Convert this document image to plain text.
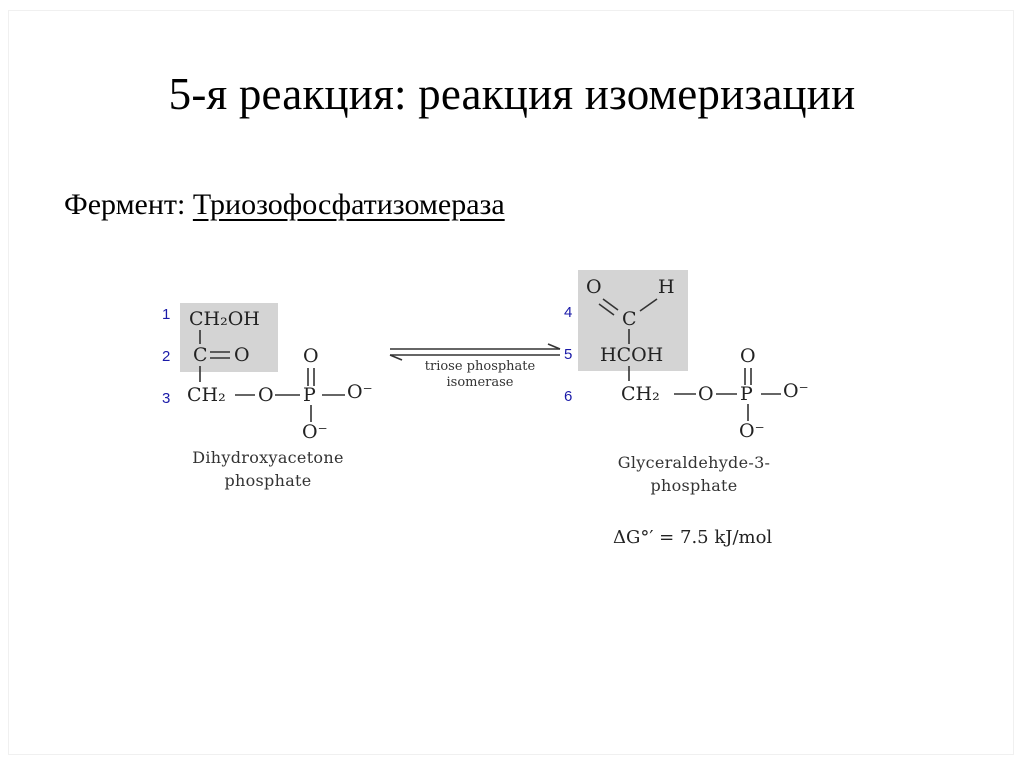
5-я реакция: реакция изомеризации
Фермент: Триозофосфатизомераза
CH₂OH
C O
CH₂ O P O⁻
O
O⁻
1
2
3
Dihydroxyacetone
phosphate
triose phosphate
isomerase
O	H
C
HCOH
CH₂ O P O⁻
O
O⁻
4
5
6
Glyceraldehyde-3-
phosphate
ΔG°′ = 7.5 kJ/mol
